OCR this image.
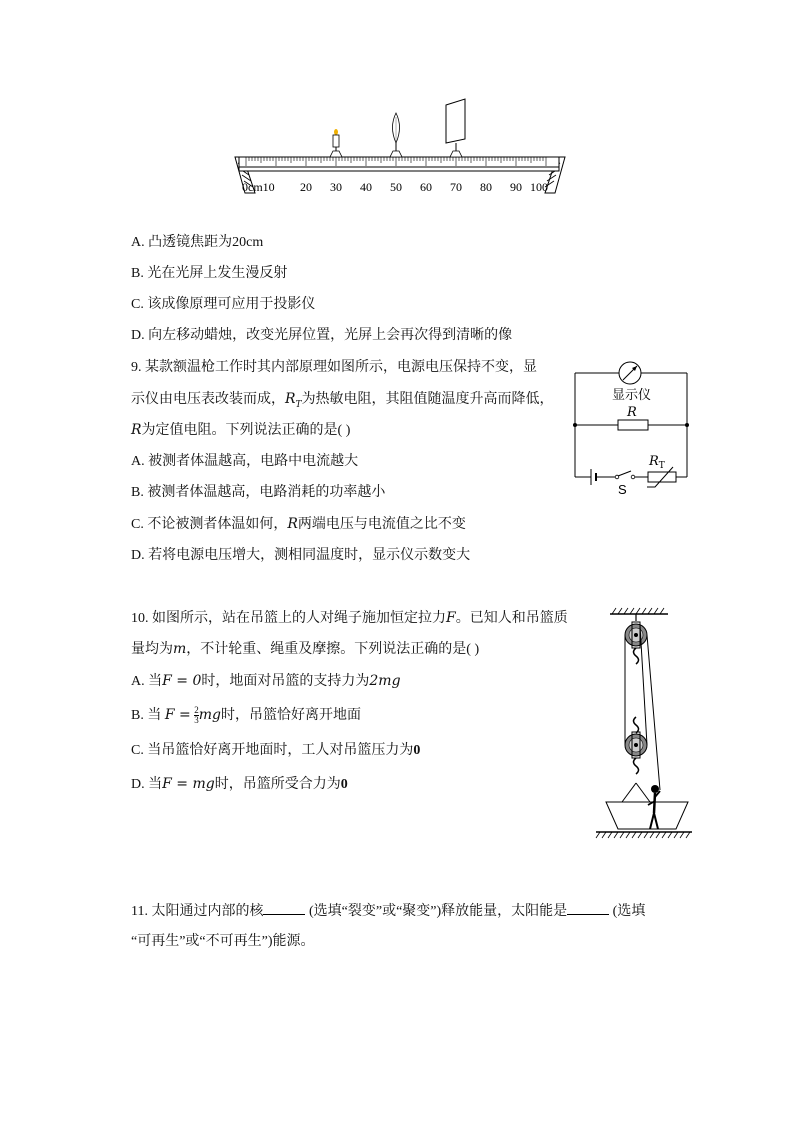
0cm10 20 30 40 50 60 70 80 90 100
A. 凸透镜焦距为20cm
B. 光在光屏上发生漫反射
C. 该成像原理可应用于投影仪
D. 向左移动蜡烛，改变光屏位置，光屏上会再次得到清晰的像
9. 某款额温枪工作时其内部原理如图所示，电源电压保持不变，显
示仪由电压表改装而成，$R_T$为热敏电阻，其阻值随温度升高而降低，
R为定值电阻。下列说法正确的是( )
A. 被测者体温越高，电路中电流越大
B. 被测者体温越高，电路消耗的功率越小
C. 不论被测者体温如何，R两端电压与电流值之比不变
D. 若将电源电压增大，测相同温度时，显示仪示数变大
显示仪
R
S
$R_T$
10. 如图所示，站在吊篮上的人对绳子施加恒定拉力F。已知人和吊篮质
量均为m，不计轮重、绳重及摩擦。下列说法正确的是( )
A. 当F = 0时，地面对吊篮的支持力为2mg
B. 当 $F = \frac{2}{3}$ mg时，吊篮恰好离开地面
C. 当吊篮恰好离开地面时，工人对吊篮压力为0
D. 当F = mg时，吊篮所受合力为0
11. 太阳通过内部的核	(选填“裂变”或“聚变”)释放能量，太阳能是	(选填
“可再生”或“不可再生”)能源。
